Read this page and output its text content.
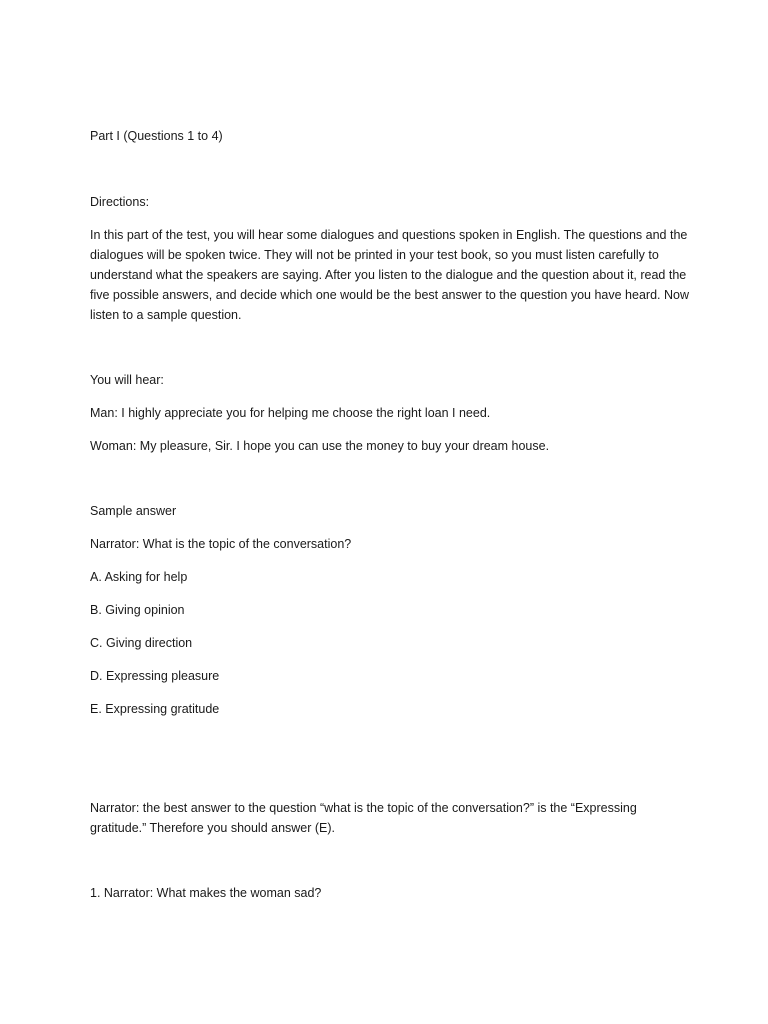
Part I (Questions 1 to 4)
Directions:
In this part of the test, you will hear some dialogues and questions spoken in English. The questions and the dialogues will be spoken twice. They will not be printed in your test book, so you must listen carefully to understand what the speakers are saying. After you listen to the dialogue and the question about it, read the five possible answers, and decide which one would be the best answer to the question you have heard. Now listen to a sample question.
You will hear:
Man: I highly appreciate you for helping me choose the right loan I need.
Woman: My pleasure, Sir. I hope you can use the money to buy your dream house.
Sample answer
Narrator: What is the topic of the conversation?
A. Asking for help
B. Giving opinion
C. Giving direction
D. Expressing pleasure
E. Expressing gratitude
Narrator: the best answer to the question “what is the topic of the conversation?” is the “Expressing gratitude.” Therefore you should answer (E).
1. Narrator: What makes the woman sad?
